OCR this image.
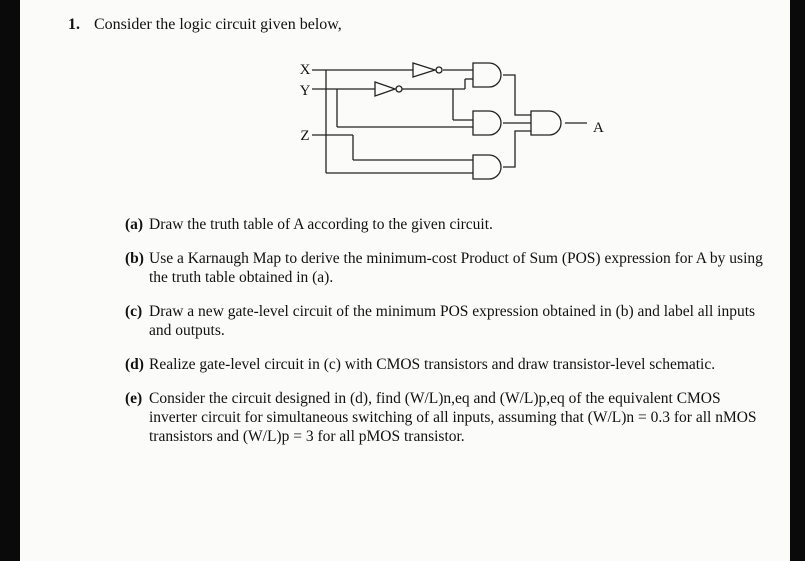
1. Consider the logic circuit given below,
X
Y
Z	A
(a) Draw the truth table of A according to the given circuit.
(b) Use a Karnaugh Map to derive the minimum-cost Product of Sum (POS) expression for A by using the truth table obtained in (a).
(c) Draw a new gate-level circuit of the minimum POS expression obtained in (b) and label all inputs and outputs.
(d) Realize gate-level circuit in (c) with CMOS transistors and draw transistor-level schematic.
(e) Consider the circuit designed in (d), find (W/L)n,eq and (W/L)p,eq of the equivalent CMOS inverter circuit for simultaneous switching of all inputs, assuming that (W/L)n = 0.3 for all nMOS transistors and (W/L)p = 3 for all pMOS transistor.
